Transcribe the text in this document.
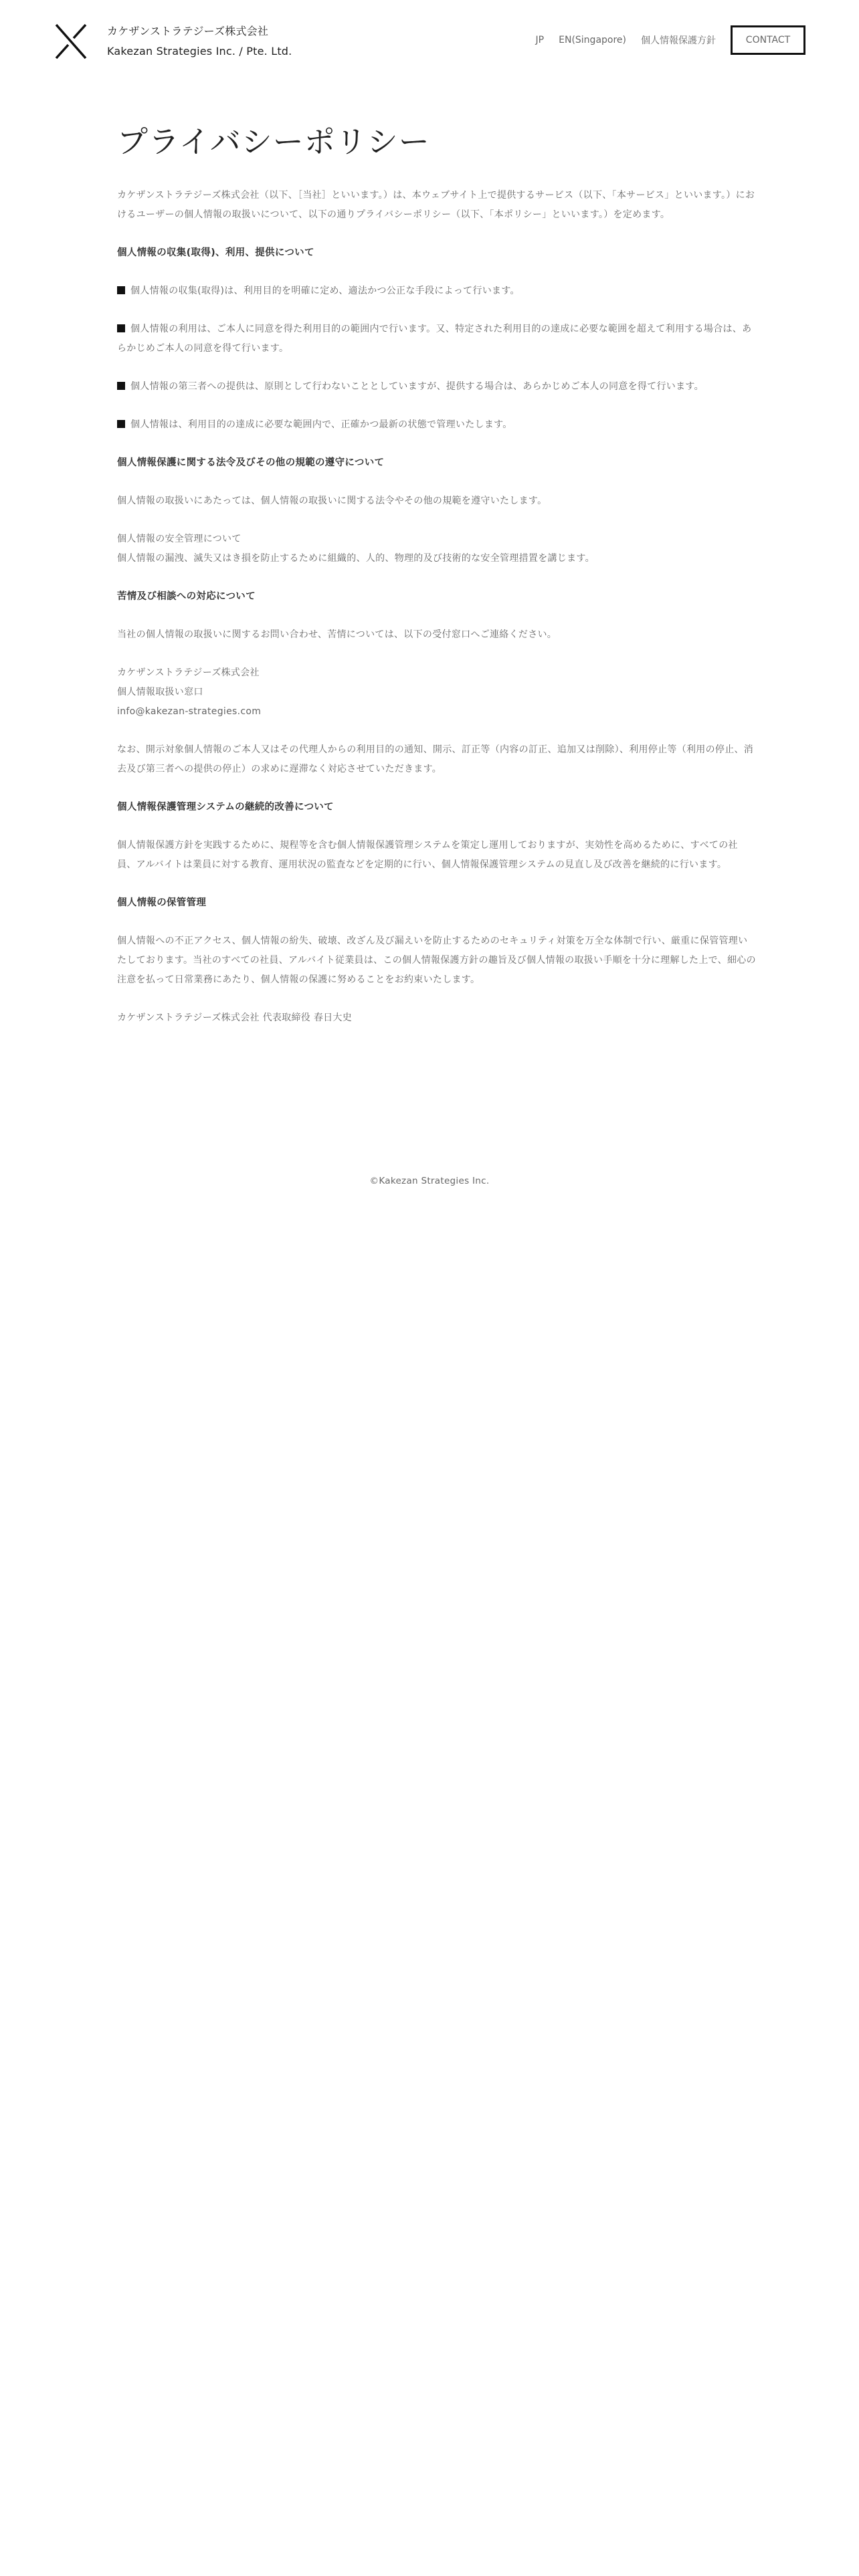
カケザンストラテジーズ株式会社
Kakezan Strategies Inc. / Pte. Ltd.
JP EN(Singapore) 個人情報保護方針	CONTACT
プライバシーポリシー

カケザンストラテジーズ株式会社（以下、［当社］といいます。）は、本ウェブサイト上で提供するサービス（以下、「本サービス」といいます。）におけるユーザーの個人情報の取扱いについて、以下の通りプライバシーポリシー（以下、「本ポリシー」といいます。）を定めます。

個人情報の収集(取得)、利用、提供について

個人情報の収集(取得)は、利用目的を明確に定め、適法かつ公正な手段によって行います。

個人情報の利用は、ご本人に同意を得た利用目的の範囲内で行います。又、特定された利用目的の達成に必要な範囲を超えて利用する場合は、あらかじめご本人の同意を得て行います。

個人情報の第三者への提供は、原則として行わないこととしていますが、提供する場合は、あらかじめご本人の同意を得て行います。

個人情報は、利用目的の達成に必要な範囲内で、正確かつ最新の状態で管理いたします。

個人情報保護に関する法令及びその他の規範の遵守について

個人情報の取扱いにあたっては、個人情報の取扱いに関する法令やその他の規範を遵守いたします。

個人情報の安全管理について
個人情報の漏洩、滅失又はき損を防止するために組織的、人的、物理的及び技術的な安全管理措置を講じます。

苦情及び相談への対応について

当社の個人情報の取扱いに関するお問い合わせ、苦情については、以下の受付窓口へご連絡ください。

カケザンストラテジーズ株式会社
個人情報取扱い窓口
info@kakezan-strategies.com

なお、開示対象個人情報のご本人又はその代理人からの利用目的の通知、開示、訂正等（内容の訂正、追加又は削除）、利用停止等（利用の停止、消去及び第三者への提供の停止）の求めに遅滞なく対応させていただきます。

個人情報保護管理システムの継続的改善について

個人情報保護方針を実践するために、規程等を含む個人情報保護管理システムを策定し運用しておりますが、実効性を高めるために、すべての社員、アルバイトは業員に対する教育、運用状況の監査などを定期的に行い、個人情報保護管理システムの見直し及び改善を継続的に行います。

個人情報の保管管理

個人情報への不正アクセス、個人情報の紛失、破壊、改ざん及び漏えいを防止するためのセキュリティ対策を万全な体制で行い、厳重に保管管理いたしております。当社のすべての社員、アルバイト従業員は、この個人情報保護方針の趣旨及び個人情報の取扱い手順を十分に理解した上で、細心の注意を払って日常業務にあたり、個人情報の保護に努めることをお約束いたします。

カケザンストラテジーズ株式会社 代表取締役 春日大史

©Kakezan Strategies Inc.
